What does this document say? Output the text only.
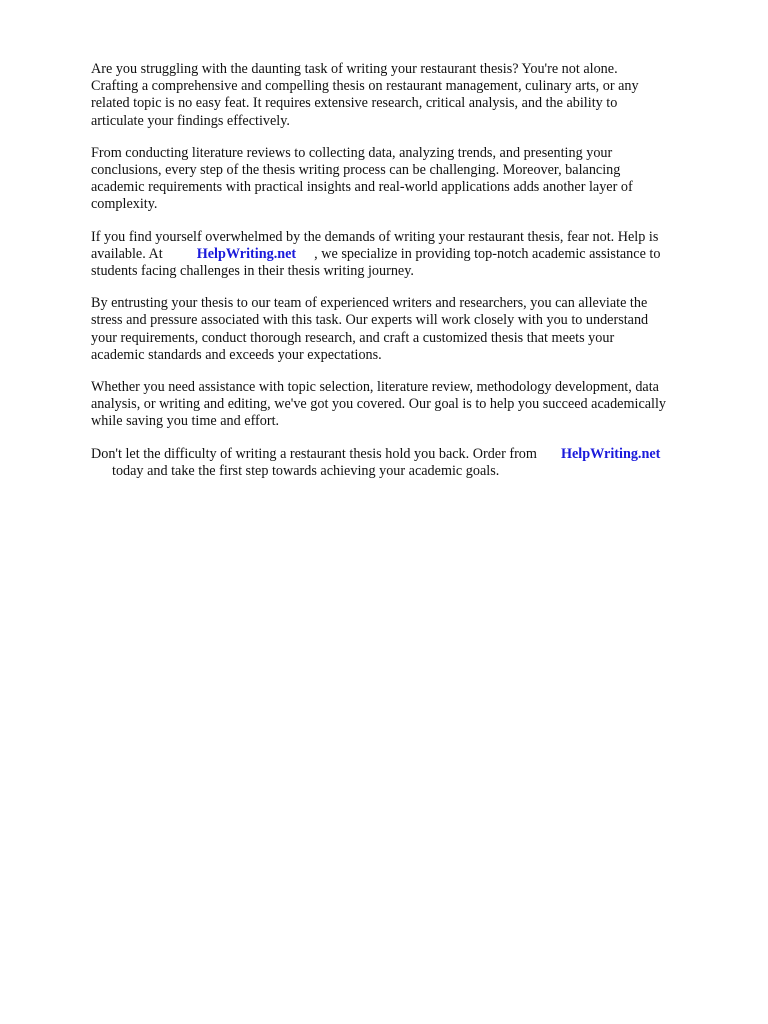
Are you struggling with the daunting task of writing your restaurant thesis? You're not alone.
Crafting a comprehensive and compelling thesis on restaurant management, culinary arts, or any
related topic is no easy feat. It requires extensive research, critical analysis, and the ability to
articulate your findings effectively.

From conducting literature reviews to collecting data, analyzing trends, and presenting your
conclusions, every step of the thesis writing process can be challenging. Moreover, balancing
academic requirements with practical insights and real-world applications adds another layer of
complexity.

If you find yourself overwhelmed by the demands of writing your restaurant thesis, fear not. Help is
available. At HelpWriting.net , we specialize in providing top-notch academic assistance to
students facing challenges in their thesis writing journey.

By entrusting your thesis to our team of experienced writers and researchers, you can alleviate the
stress and pressure associated with this task. Our experts will work closely with you to understand
your requirements, conduct thorough research, and craft a customized thesis that meets your
academic standards and exceeds your expectations.

Whether you need assistance with topic selection, literature review, methodology development, data
analysis, or writing and editing, we've got you covered. Our goal is to help you succeed academically
while saving you time and effort.

Don't let the difficulty of writing a restaurant thesis hold you back. Order from HelpWriting.net
today and take the first step towards achieving your academic goals.
